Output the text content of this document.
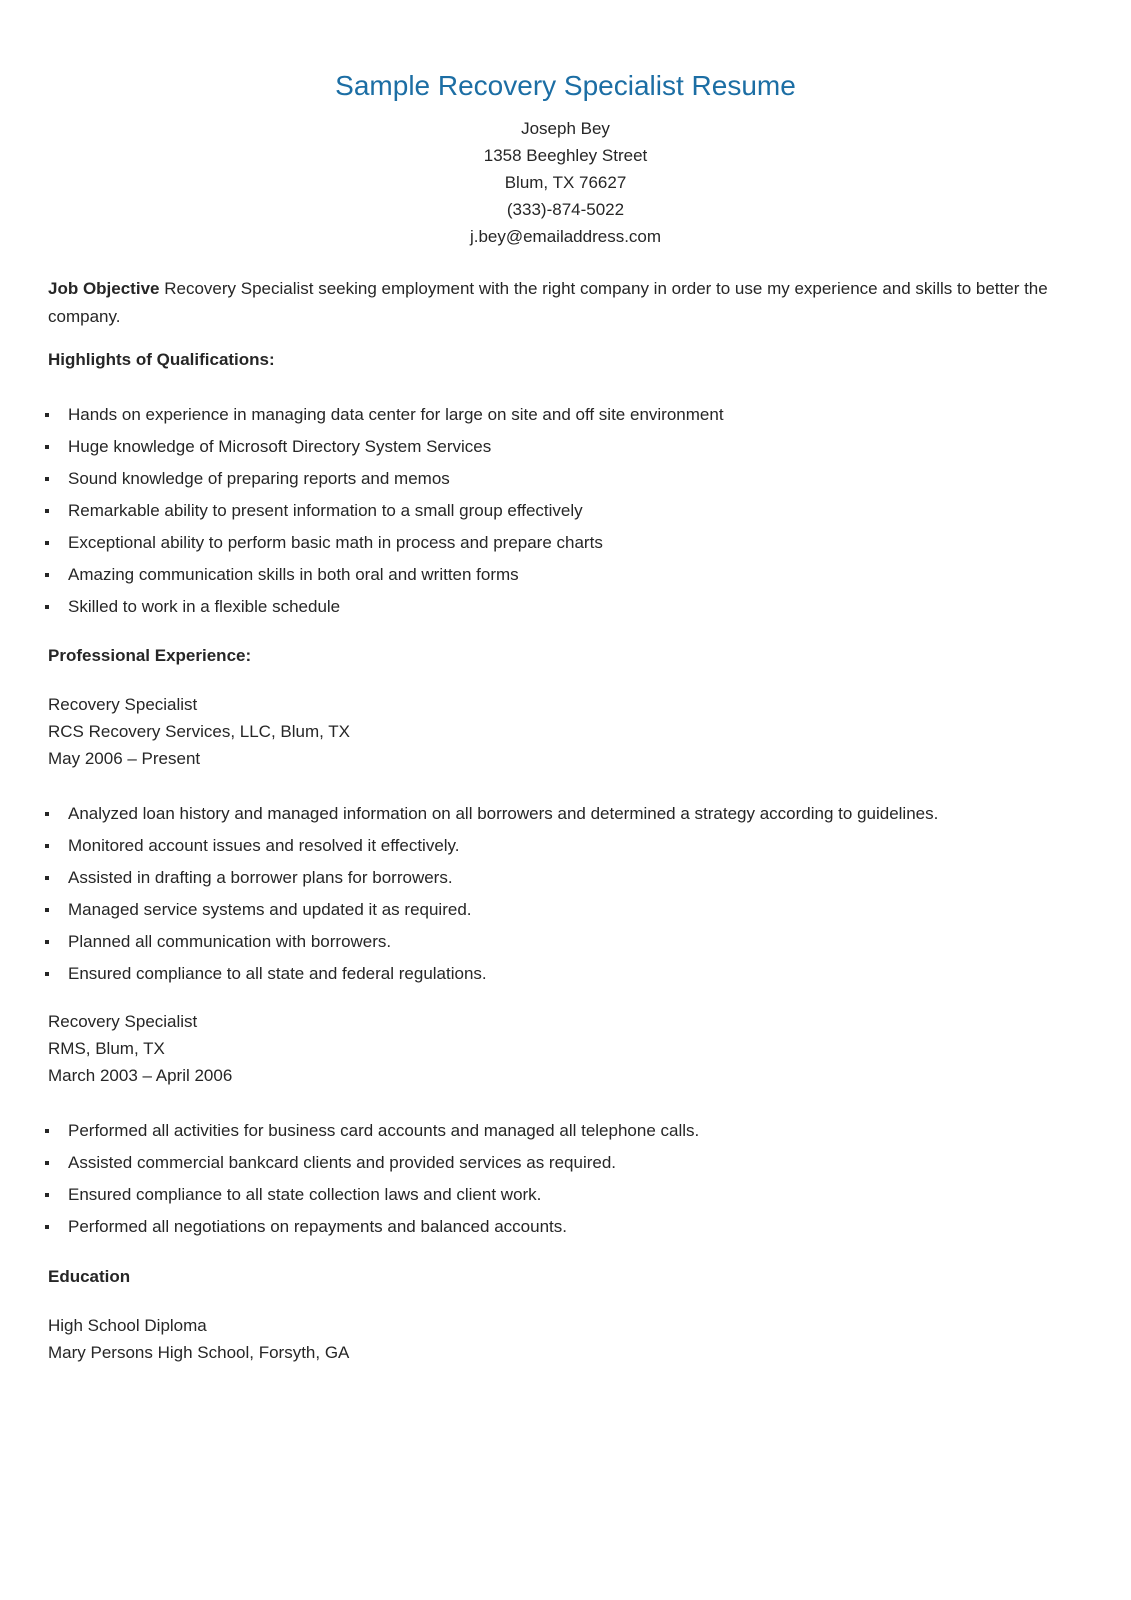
Sample Recovery Specialist Resume
Joseph Bey
1358 Beeghley Street
Blum, TX 76627
(333)-874-5022
j.bey@emailaddress.com
Job Objective Recovery Specialist seeking employment with the right company in order to use my experience and skills to better the company.
Highlights of Qualifications:
Hands on experience in managing data center for large on site and off site environment
Huge knowledge of Microsoft Directory System Services
Sound knowledge of preparing reports and memos
Remarkable ability to present information to a small group effectively
Exceptional ability to perform basic math in process and prepare charts
Amazing communication skills in both oral and written forms
Skilled to work in a flexible schedule
Professional Experience:
Recovery Specialist
RCS Recovery Services, LLC, Blum, TX
May 2006 – Present
Analyzed loan history and managed information on all borrowers and determined a strategy according to guidelines.
Monitored account issues and resolved it effectively.
Assisted in drafting a borrower plans for borrowers.
Managed service systems and updated it as required.
Planned all communication with borrowers.
Ensured compliance to all state and federal regulations.
Recovery Specialist
RMS, Blum, TX
March 2003 – April 2006
Performed all activities for business card accounts and managed all telephone calls.
Assisted commercial bankcard clients and provided services as required.
Ensured compliance to all state collection laws and client work.
Performed all negotiations on repayments and balanced accounts.
Education
High School Diploma
Mary Persons High School, Forsyth, GA
